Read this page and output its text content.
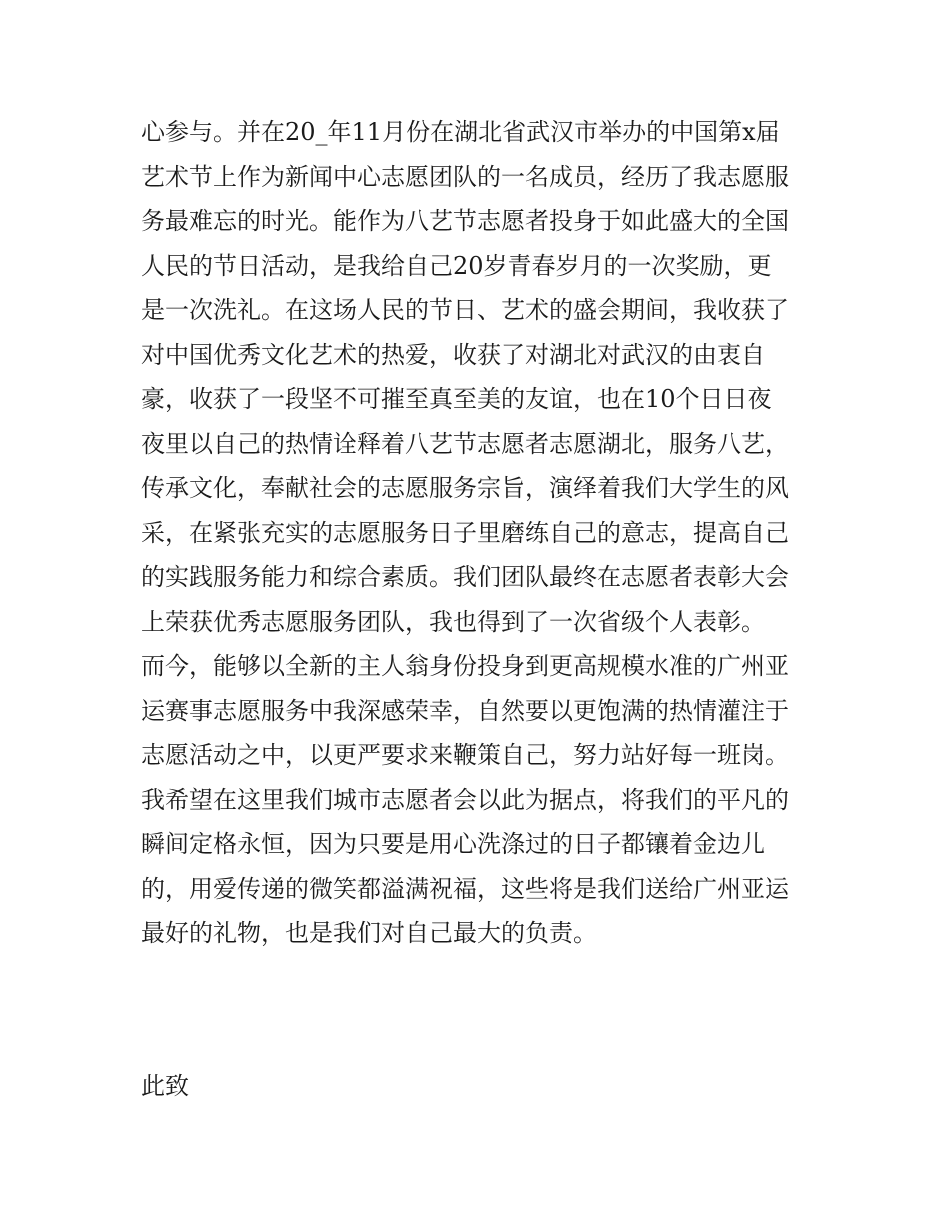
心参与。并在20_年11月份在湖北省武汉市举办的中国第x届
艺术节上作为新闻中心志愿团队的一名成员，经历了我志愿服
务最难忘的时光。能作为八艺节志愿者投身于如此盛大的全国
人民的节日活动，是我给自己20岁青春岁月的一次奖励，更
是一次洗礼。在这场人民的节日、艺术的盛会期间，我收获了
对中国优秀文化艺术的热爱，收获了对湖北对武汉的由衷自
豪，收获了一段坚不可摧至真至美的友谊，也在10个日日夜
夜里以自己的热情诠释着八艺节志愿者志愿湖北，服务八艺，
传承文化，奉献社会的志愿服务宗旨，演绎着我们大学生的风
采，在紧张充实的志愿服务日子里磨练自己的意志，提高自己
的实践服务能力和综合素质。我们团队最终在志愿者表彰大会
上荣获优秀志愿服务团队，我也得到了一次省级个人表彰。
而今，能够以全新的主人翁身份投身到更高规模水准的广州亚
运赛事志愿服务中我深感荣幸，自然要以更饱满的热情灌注于
志愿活动之中，以更严要求来鞭策自己，努力站好每一班岗。
我希望在这里我们城市志愿者会以此为据点，将我们的平凡的
瞬间定格永恒，因为只要是用心洗涤过的日子都镶着金边儿
的，用爱传递的微笑都溢满祝福，这些将是我们送给广州亚运
最好的礼物，也是我们对自己最大的负责。
此致
